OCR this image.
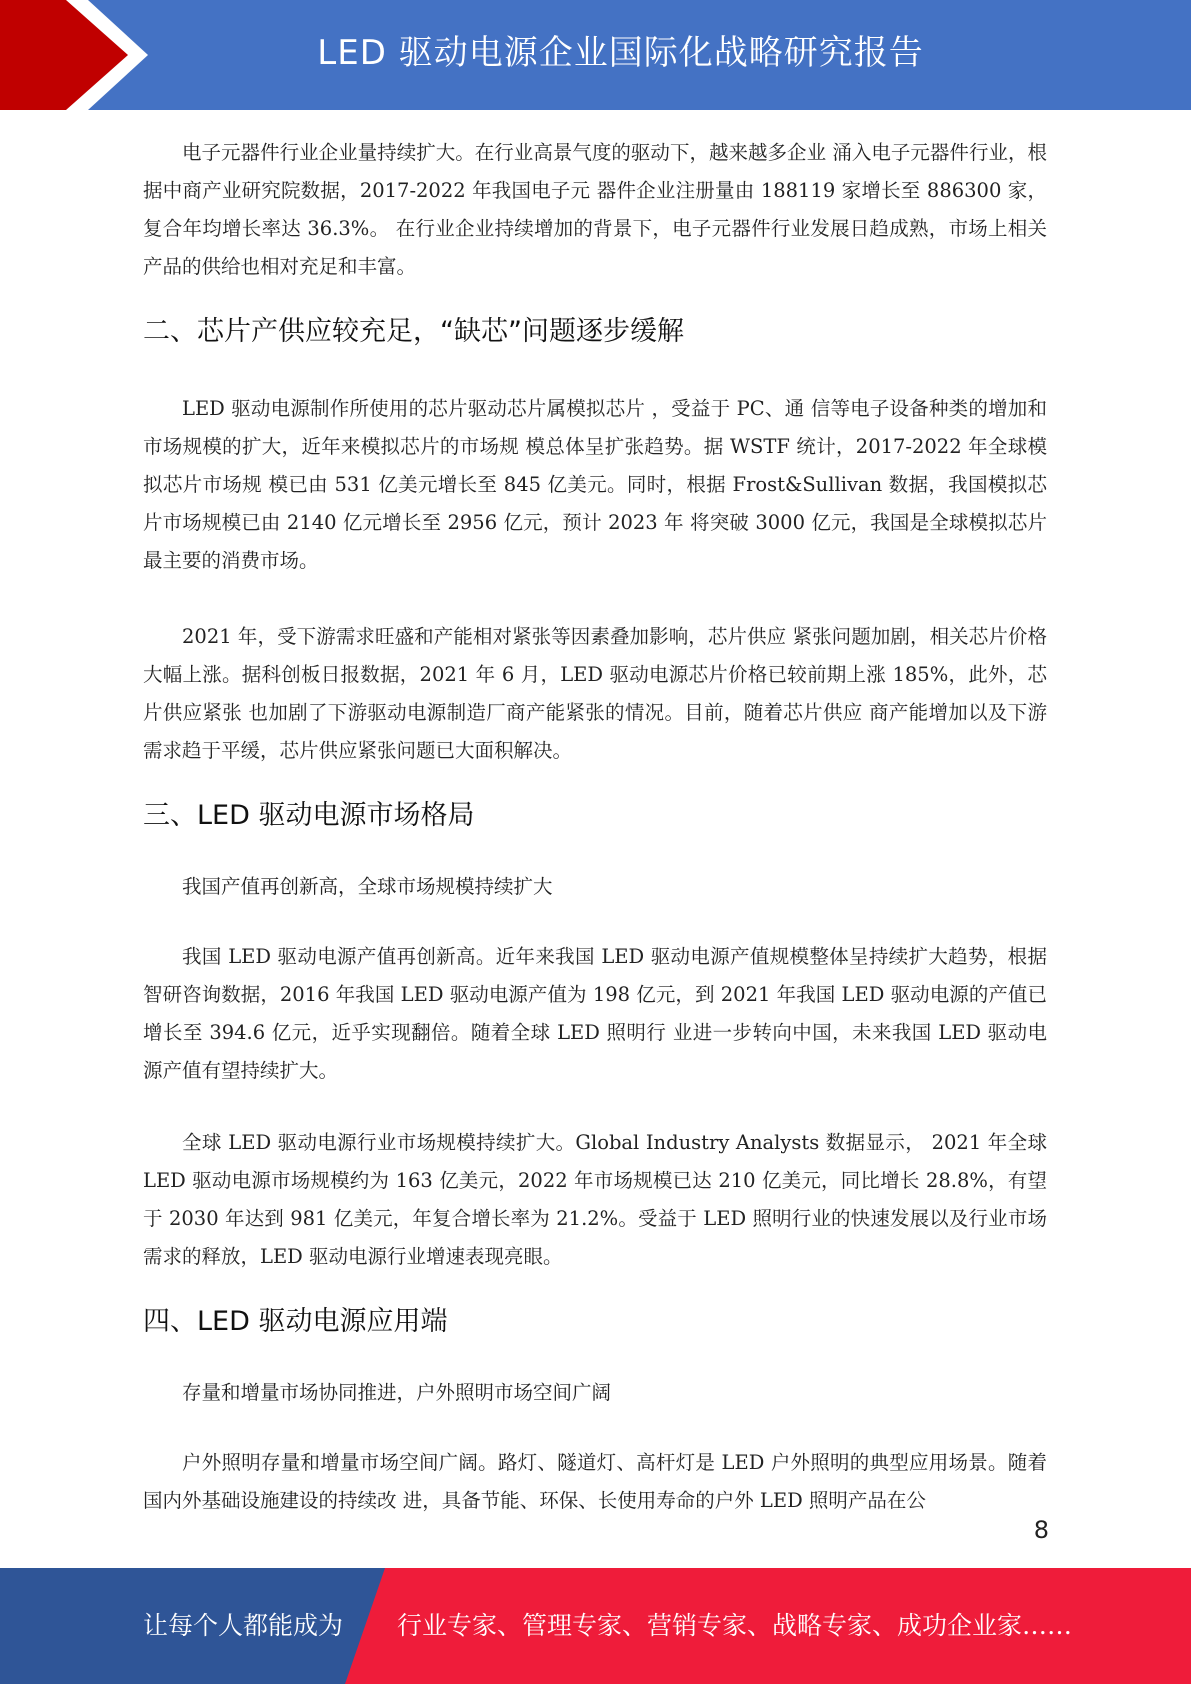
LED 驱动电源企业国际化战略研究报告

电子元器件行业企业量持续扩大。在行业高景气度的驱动下，越来越多企业 涌入电子元器件行业，根据中商产业研究院数据，2017-2022 年我国电子元 器件企业注册量由 188119 家增长至 886300 家，复合年均增长率达 36.3%。 在行业企业持续增加的背景下，电子元器件行业发展日趋成熟，市场上相关 产品的供给也相对充足和丰富。

二、芯片产供应较充足，“缺芯”问题逐步缓解

LED 驱动电源制作所使用的芯片驱动芯片属模拟芯片 ，受益于 PC、通 信等电子设备种类的增加和市场规模的扩大，近年来模拟芯片的市场规 模总体呈扩张趋势。据 WSTF 统计，2017-2022 年全球模拟芯片市场规 模已由 531 亿美元增长至 845 亿美元。同时，根据 Frost&Sullivan 数据，我国模拟芯片市场规模已由 2140 亿元增长至 2956 亿元，预计 2023 年 将突破 3000 亿元，我国是全球模拟芯片最主要的消费市场。

2021 年，受下游需求旺盛和产能相对紧张等因素叠加影响，芯片供应 紧张问题加剧，相关芯片价格大幅上涨。据科创板日报数据，2021 年 6 月，LED 驱动电源芯片价格已较前期上涨 185%，此外，芯片供应紧张 也加剧了下游驱动电源制造厂商产能紧张的情况。目前，随着芯片供应 商产能增加以及下游需求趋于平缓，芯片供应紧张问题已大面积解决。

三、LED 驱动电源市场格局

我国产值再创新高，全球市场规模持续扩大

我国 LED 驱动电源产值再创新高。近年来我国 LED 驱动电源产值规模整体呈持续扩大趋势，根据智研咨询数据，2016 年我国 LED 驱动电源产值为 198 亿元，到 2021 年我国 LED 驱动电源的产值已增长至 394.6 亿元，近乎实现翻倍。随着全球 LED 照明行 业进一步转向中国，未来我国 LED 驱动电源产值有望持续扩大。

全球 LED 驱动电源行业市场规模持续扩大。Global Industry Analysts 数据显示， 2021 年全球 LED 驱动电源市场规模约为 163 亿美元，2022 年市场规模已达 210 亿美元，同比增长 28.8%，有望于 2030 年达到 981 亿美元，年复合增长率为 21.2%。受益于 LED 照明行业的快速发展以及行业市场需求的释放，LED 驱动电源行业增速表现亮眼。

四、LED 驱动电源应用端

存量和增量市场协同推进，户外照明市场空间广阔

户外照明存量和增量市场空间广阔。路灯、隧道灯、高杆灯是 LED 户外照明的典型应用场景。随着国内外基础设施建设的持续改 进，具备节能、环保、长使用寿命的户外 LED 照明产品在公

8
让每个人都能成为 行业专家、管理专家、营销专家、战略专家、成功企业家……
